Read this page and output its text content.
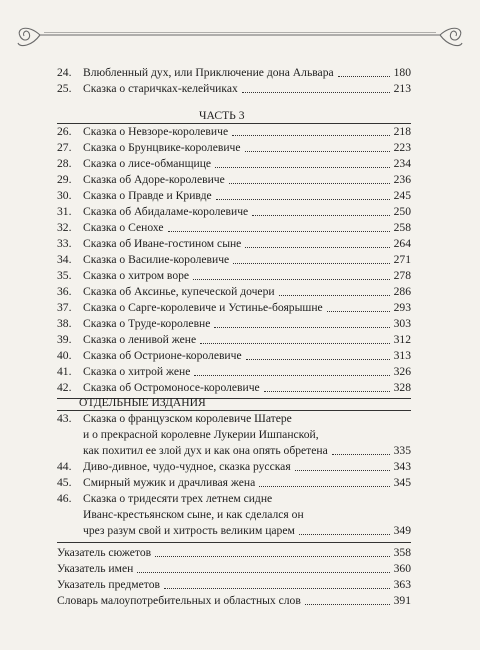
24. Влюбленный дух, или Приключение дона Альвара	180
25. Сказка о старичках-келейчиках	213
ЧАСТЬ 3
26. Сказка о Невзоре-королевиче	218
27. Сказка о Брунцвике-королевиче	223
28. Сказка о лисе-обманщице	234
29. Сказка об Адоре-королевиче	236
30. Сказка о Правде и Кривде	245
31. Сказка об Абидаламе-королевиче	250
32. Сказка о Сенохе	258
33. Сказка об Иване-гостином сыне	264
34. Сказка о Василие-королевиче	271
35. Сказка о хитром воре	278
36. Сказка об Аксинье, купеческой дочери	286
37. Сказка о Сарге-королевиче и Устинье-боярышне	293
38. Сказка о Труде-королевне	303
39. Сказка о ленивой жене	312
40. Сказка об Острионе-королевиче	313
41. Сказка о хитрой жене	326
42. Сказка об Остромоносе-королевиче	328
ОТДЕЛЬНЫЕ ИЗДАНИЯ
43. Сказка о французском королевиче Шатере
и о прекрасной королевне Лукерии Ишпанской,
как похитил ее злой дух и как она опять обретена	335
44. Диво-дивное, чудо-чудное, сказка русская	343
45. Смирный мужик и драчливая жена	345
46. Сказка о тридесяти трех летнем сидне
Иванс-крестьянском сыне, и как сделался он
чрез разум свой и хитрость великим царем	349
Указатель сюжетов	358
Указатель имен	360
Указатель предметов	363
Словарь малоупотребительных и областных слов	391
